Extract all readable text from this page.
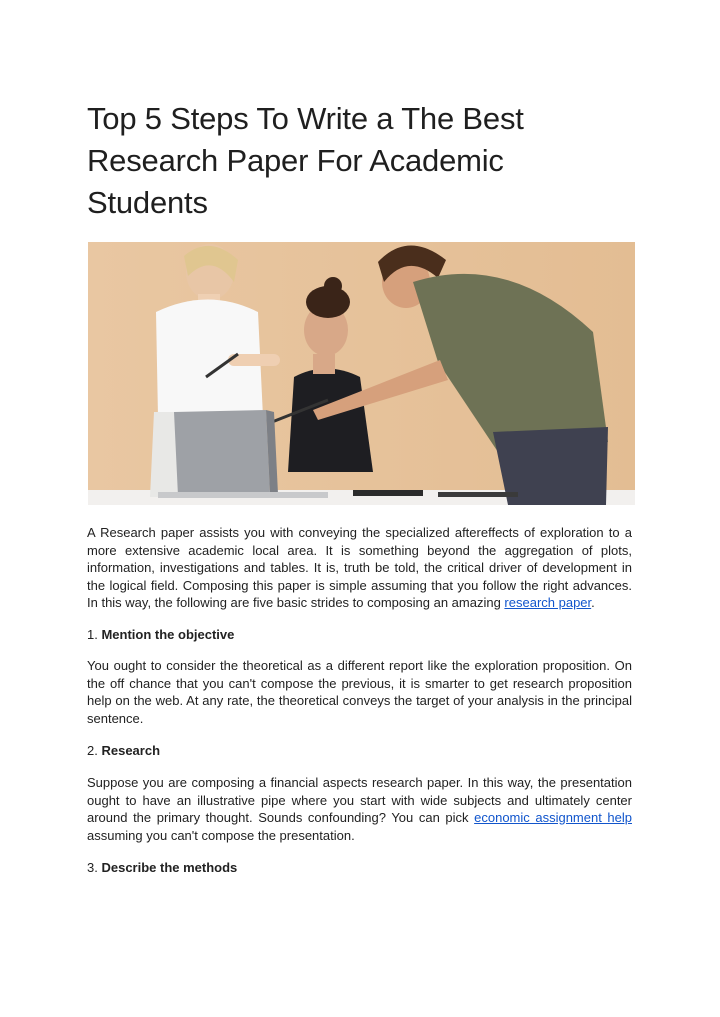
Top 5 Steps To Write a The Best Research Paper For Academic Students

A Research paper assists you with conveying the specialized aftereffects of exploration to a more extensive academic local area. It is something beyond the aggregation of plots, information, investigations and tables. It is, truth be told, the critical driver of development in the logical field. Composing this paper is simple assuming that you follow the right advances. In this way, the following are five basic strides to composing an amazing research paper.

1. Mention the objective

You ought to consider the theoretical as a different report like the exploration proposition. On the off chance that you can't compose the previous, it is smarter to get research proposition help on the web. At any rate, the theoretical conveys the target of your analysis in the principal sentence.

2. Research

Suppose you are composing a financial aspects research paper. In this way, the presentation ought to have an illustrative pipe where you start with wide subjects and ultimately center around the primary thought. Sounds confounding? You can pick economic assignment help assuming you can't compose the presentation.

3. Describe the methods
